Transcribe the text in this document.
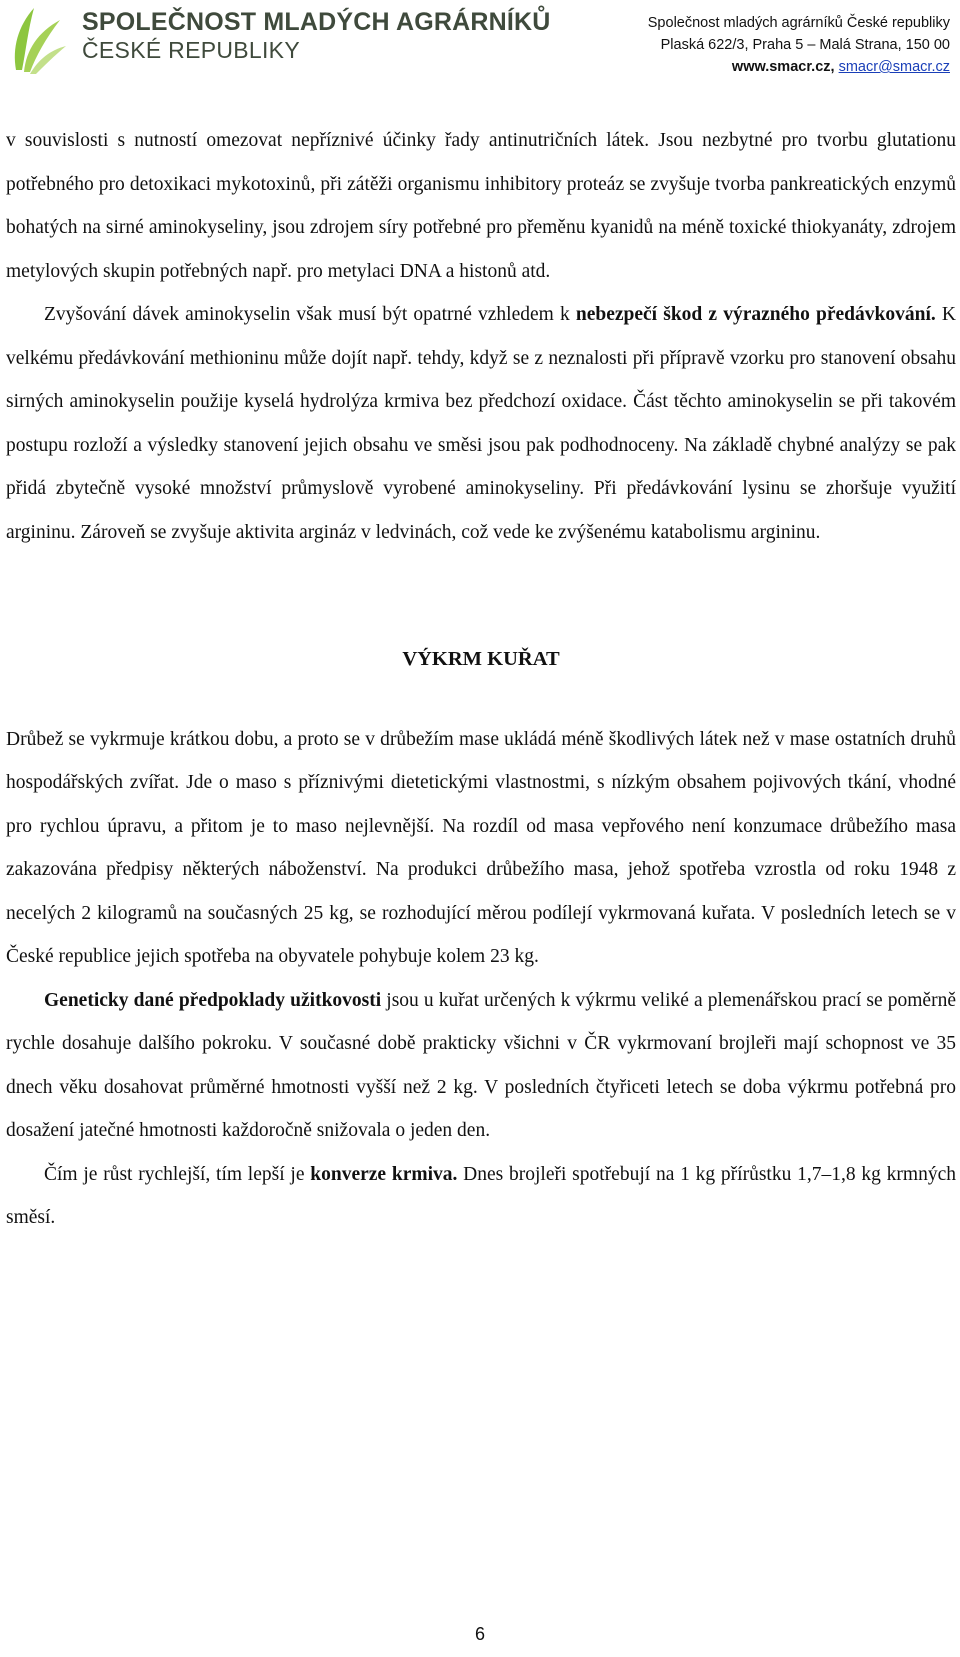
SPOLEČNOST MLADÝCH AGRÁRNÍKŮ
ČESKÉ REPUBLIKY
Společnost mladých agrárníků České republiky
Plaská 622/3, Praha 5 – Malá Strana, 150 00
www.smacr.cz, smacr@smacr.cz

v souvislosti s nutností omezovat nepříznivé účinky řady antinutričních látek. Jsou nezbytné pro tvorbu glutationu potřebného pro detoxikaci mykotoxinů, při zátěži organismu inhibitory proteáz se zvyšuje tvorba pankreatických enzymů bohatých na sirné aminokyseliny, jsou zdrojem síry potřebné pro přeměnu kyanidů na méně toxické thiokyanáty, zdrojem metylových skupin potřebných např. pro metylaci DNA a histonů atd.

Zvyšování dávek aminokyselin však musí být opatrné vzhledem k nebezpečí škod z výrazného předávkování. K velkému předávkování methioninu může dojít např. tehdy, když se z neznalosti při přípravě vzorku pro stanovení obsahu sirných aminokyselin použije kyselá hydrolýza krmiva bez předchozí oxidace. Část těchto aminokyselin se při takovém postupu rozloží a výsledky stanovení jejich obsahu ve směsi jsou pak podhodnoceny. Na základě chybné analýzy se pak přidá zbytečně vysoké množství průmyslově vyrobené aminokyseliny. Při předávkování lysinu se zhoršuje využití argininu. Zároveň se zvyšuje aktivita argináz v ledvinách, což vede ke zvýšenému katabolismu argininu.

VÝKRM KUŘAT

Drůbež se vykrmuje krátkou dobu, a proto se v drůbežím mase ukládá méně škodlivých látek než v mase ostatních druhů hospodářských zvířat. Jde o maso s příznivými dietetickými vlastnostmi, s nízkým obsahem pojivových tkání, vhodné pro rychlou úpravu, a přitom je to maso nejlevnější. Na rozdíl od masa vepřového není konzumace drůbežího masa zakazována předpisy některých náboženství. Na produkci drůbežího masa, jehož spotřeba vzrostla od roku 1948 z necelých 2 kilogramů na současných 25 kg, se rozhodující měrou podílejí vykrmovaná kuřata. V posledních letech se v České republice jejich spotřeba na obyvatele pohybuje kolem 23 kg.

Geneticky dané předpoklady užitkovosti jsou u kuřat určených k výkrmu veliké a plemenářskou prací se poměrně rychle dosahuje dalšího pokroku. V současné době prakticky všichni v ČR vykrmovaní brojleři mají schopnost ve 35 dnech věku dosahovat průměrné hmotnosti vyšší než 2 kg. V posledních čtyřiceti letech se doba výkrmu potřebná pro dosažení jatečné hmotnosti každoročně snižovala o jeden den.

Čím je růst rychlejší, tím lepší je konverze krmiva. Dnes brojleři spotřebují na 1 kg přírůstku 1,7–1,8 kg krmných směsí.

6
